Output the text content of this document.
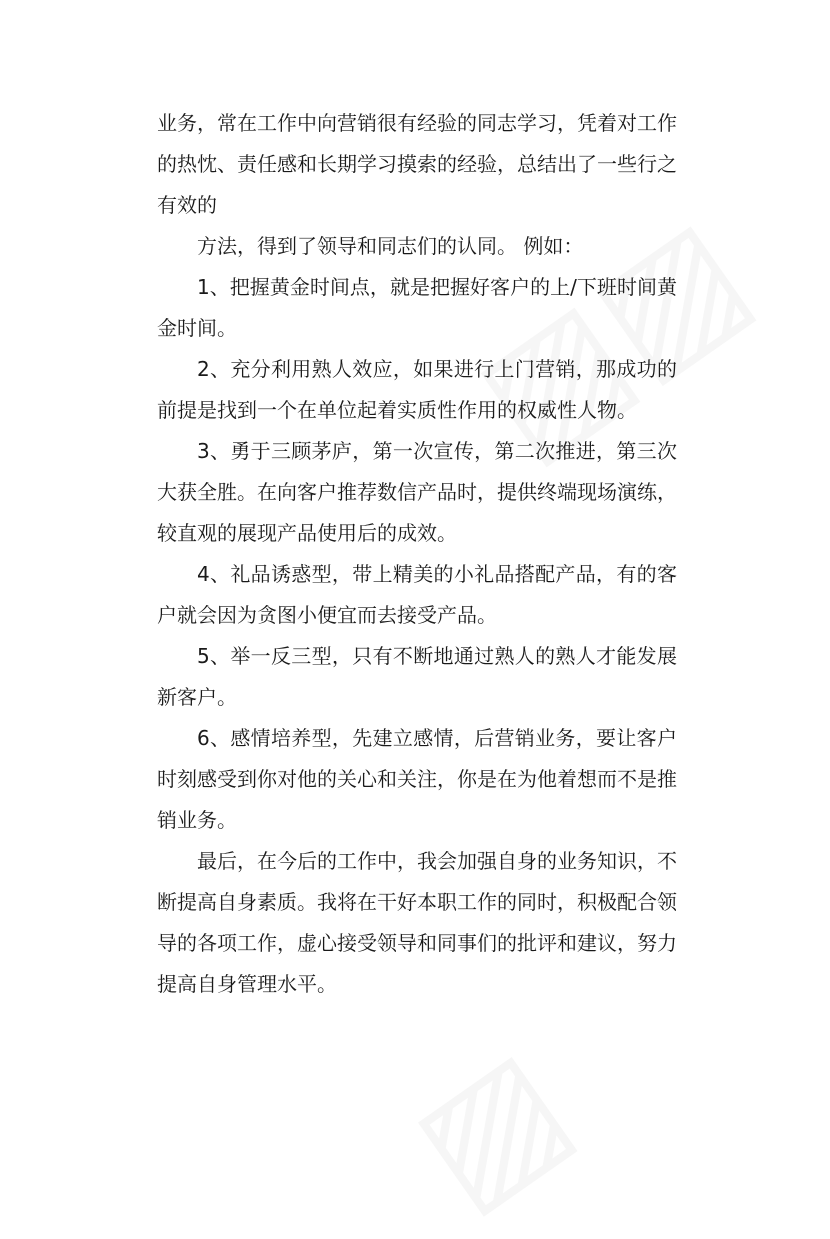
业务，常在工作中向营销很有经验的同志学习，凭着对工作的热忱、责任感和长期学习摸索的经验，总结出了一些行之有效的

方法，得到了领导和同志们的认同。 例如：

1、把握黄金时间点，就是把握好客户的上/下班时间黄金时间。

2、充分利用熟人效应，如果进行上门营销，那成功的前提是找到一个在单位起着实质性作用的权威性人物。

3、勇于三顾茅庐，第一次宣传，第二次推进，第三次大获全胜。在向客户推荐数信产品时，提供终端现场演练，较直观的展现产品使用后的成效。

4、礼品诱惑型，带上精美的小礼品搭配产品，有的客户就会因为贪图小便宜而去接受产品。

5、举一反三型，只有不断地通过熟人的熟人才能发展新客户。

6、感情培养型，先建立感情，后营销业务，要让客户时刻感受到你对他的关心和关注，你是在为他着想而不是推销业务。

最后，在今后的工作中，我会加强自身的业务知识，不断提高自身素质。我将在干好本职工作的同时，积极配合领导的各项工作，虚心接受领导和同事们的批评和建议，努力提高自身管理水平。
